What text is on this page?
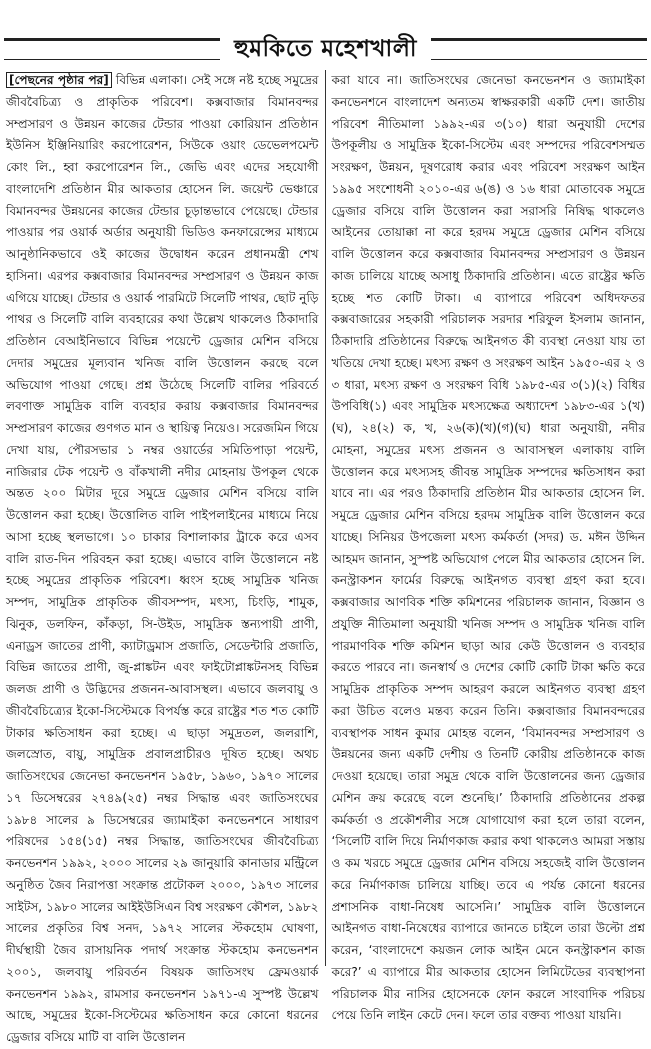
হুমকিতে মহেশখালী
[পেছনের পৃষ্ঠার পর] বিভিন্ন এলাকা। সেই সঙ্গে নষ্ট হচ্ছে সমুদ্রের জীববৈচিত্র্য ও প্রাকৃতিক পরিবেশ। কক্সবাজার বিমানবন্দর সম্প্রসারণ ও উন্নয়ন কাজের টেন্ডার পাওয়া কোরিয়ান প্রতিষ্ঠান ইউনিস ইঞ্জিনিয়ারিং করপোরেশন, সিউকে ওয়াং ডেভেলপমেন্ট কোং লি., হ্বা করপোরেশন লি., জেভি এবং এদের সহযোগী বাংলাদেশি প্রতিষ্ঠান মীর আকতার হোসেন লি. জয়েন্ট ভেঞ্চারে বিমানবন্দর উন্নয়নের কাজের টেন্ডার চূড়ান্তভাবে পেয়েছে। টেন্ডার পাওয়ার পর ওয়ার্ক অর্ডার অনুযায়ী ভিডিও কনফারেন্সের মাধ্যমে আনুষ্ঠানিকভাবে ওই কাজের উদ্বোধন করেন প্রধানমন্ত্রী শেখ হাসিনা। এরপর কক্সবাজার বিমানবন্দর সম্প্রসারণ ও উন্নয়ন কাজ এগিয়ে যাচ্ছে। টেন্ডার ও ওয়ার্ক পারমিটে সিলেটি পাথর, ছোট নুড়ি পাথর ও সিলেটি বালি ব্যবহারের কথা উল্লেখ থাকলেও ঠিকাদারি প্রতিষ্ঠান বেআইনিভাবে বিভিন্ন পয়েন্টে ড্রেজার মেশিন বসিয়ে দেদার সমুদ্রের মূল্যবান খনিজ বালি উত্তোলন করছে বলে অভিযোগ পাওয়া গেছে। প্রশ্ন উঠেছে সিলেটি বালির পরিবর্তে লবণাক্ত সামুদ্রিক বালি ব্যবহার করায় কক্সবাজার বিমানবন্দর সম্প্রসারণ কাজের গুণগত মান ও স্থায়িত্ব নিয়েও। সরেজমিন গিয়ে দেখা যায়, পৌরসভার ১ নম্বর ওয়ার্ডের সমিতিপাড়া পয়েন্ট, নাজিরার টেক পয়েন্ট ও বাঁকখালী নদীর মোহনায় উপকূল থেকে অন্তত ২০০ মিটার দূরে সমুদ্রে ড্রেজার মেশিন বসিয়ে বালি উত্তোলন করা হচ্ছে। উত্তোলিত বালি পাইপলাইনের মাধ্যমে নিয়ে আসা হচ্ছে স্থলভাগে। ১০ চাকার বিশালাকার ট্রাকে করে এসব বালি রাত-দিন পরিবহন করা হচ্ছে। এভাবে বালি উত্তোলনে নষ্ট হচ্ছে সমুদ্রের প্রাকৃতিক পরিবেশ। ধ্বংস হচ্ছে সামুদ্রিক খনিজ সম্পদ, সামুদ্রিক প্রাকৃতিক জীবসম্পদ, মৎস্য, চিংড়ি, শামুক, ঝিনুক, ডলফিন, কাঁকড়া, সি-উইড, সামুদ্রিক স্তন্যপায়ী প্রাণী, এনাড্রস জাতের প্রাণী, ক্যাটাড্রমাস প্রজাতি, সেডেন্টারি প্রজাতি, বিভিন্ন জাতের প্রাণী, জু-প্লাঙ্কটন এবং ফাইটোপ্লাঙ্কটনসহ বিভিন্ন জলজ প্রাণী ও উদ্ভিদের প্রজনন-আবাসস্থল। এভাবে জলবায়ু ও জীববৈচিত্র্যের ইকো-সিস্টেমকে বিপর্যস্ত করে রাষ্ট্রের শত শত কোটি টাকার ক্ষতিসাধন করা হচ্ছে। এ ছাড়া সমুদ্রতল, জলরাশি, জলস্রোত, বায়ু, সামুদ্রিক প্রবালপ্রাচীরও দূষিত হচ্ছে। অথচ জাতিসংঘের জেনেভা কনভেনশন ১৯৫৮, ১৯৬০, ১৯৭০ সালের ১৭ ডিসেম্বরের ২৭৪৯(২৫) নম্বর সিদ্ধান্ত এবং জাতিসংঘের ১৯৮৪ সালের ৯ ডিসেম্বরের জ্যামাইকা কনভেনশনে সাধারণ পরিষদের ১৫৪(১৫) নম্বর সিদ্ধান্ত, জাতিসংঘের জীববৈচিত্র্য কনভেনশন ১৯৯২, ২০০০ সালের ২৯ জানুয়ারি কানাডার মন্ট্রিলে অনুষ্ঠিত জৈব নিরাপত্তা সংক্রান্ত প্রটোকল ২০০০, ১৯৭৩ সালের সাইটস, ১৯৮০ সালের আইইউসিএন বিশ্ব সংরক্ষণ কৌশল, ১৯৮২ সালের প্রকৃতির বিশ্ব সনদ, ১৯৭২ সালের স্টকহোম ঘোষণা, দীর্ঘস্থায়ী জৈব রাসায়নিক পদার্থ সংক্রান্ত স্টকহোম কনভেনশন ২০০১, জলবায়ু পরিবর্তন বিষয়ক জাতিসংঘ ফ্রেমওয়ার্ক কনভেনশন ১৯৯২, রামসার কনভেনশন ১৯৭১-এ সুস্পষ্ট উল্লেখ আছে, সমুদ্রের ইকো-সিস্টেমের ক্ষতিসাধন করে কোনো ধরনের ড্রেজার বসিয়ে মাটি বা বালি উত্তোলন
করা যাবে না। জাতিসংঘের জেনেভা কনভেনশন ও জ্যামাইকা কনভেনশনে বাংলাদেশ অন্যতম স্বাক্ষরকারী একটি দেশ। জাতীয় পরিবেশ নীতিমালা ১৯৯২-এর ৩(১০) ধারা অনুযায়ী দেশের উপকূলীয় ও সামুদ্রিক ইকো-সিস্টেম এবং সম্পদের পরিবেশসম্মত সংরক্ষণ, উন্নয়ন, দূষণরোধ করার এবং পরিবেশ সংরক্ষণ আইন ১৯৯৫ সংশোধনী ২০১০-এর ৬(ঙ) ও ১৬ ধারা মোতাবেক সমুদ্রে ড্রেজার বসিয়ে বালি উত্তোলন করা সরাসরি নিষিদ্ধ থাকলেও আইনের তোয়াক্কা না করে হরদম সমুদ্রে ড্রেজার মেশিন বসিয়ে বালি উত্তোলন করে কক্সবাজার বিমানবন্দর সম্প্রসারণ ও উন্নয়ন কাজ চালিয়ে যাচ্ছে অসাধু ঠিকাদারি প্রতিষ্ঠান। এতে রাষ্ট্রের ক্ষতি হচ্ছে শত কোটি টাকা। এ ব্যাপারে পরিবেশ অধিদফতর কক্সবাজারের সহকারী পরিচালক সরদার শরিফুল ইসলাম জানান, ঠিকাদারি প্রতিষ্ঠানের বিরুদ্ধে আইনগত কী ব্যবস্থা নেওয়া যায় তা খতিয়ে দেখা হচ্ছে। মৎস্য রক্ষণ ও সংরক্ষণ আইন ১৯৫০-এর ২ ও ৩ ধারা, মৎস্য রক্ষণ ও সংরক্ষণ বিধি ১৯৮৫-এর ৩(১)(২) বিধির উপবিধি(১) এবং সামুদ্রিক মৎস্যক্ষেত্র অধ্যাদেশ ১৯৮৩-এর ১(খ)(ঘ), ২৪(২) ক, খ, ২৬(ক)(খ)(গ)(ঘ) ধারা অনুযায়ী, নদীর মোহনা, সমুদ্রের মৎস্য প্রজনন ও আবাসস্থল এলাকায় বালি উত্তোলন করে মৎস্যসহ জীবন্ত সামুদ্রিক সম্পদের ক্ষতিসাধন করা যাবে না। এর পরও ঠিকাদারি প্রতিষ্ঠান মীর আকতার হোসেন লি. সমুদ্রে ড্রেজার মেশিন বসিয়ে হরদম সামুদ্রিক বালি উত্তোলন করে যাচ্ছে। সিনিয়র উপজেলা মৎস্য কর্মকর্তা (সদর) ড. মঈন উদ্দিন আহমদ জানান, সুস্পষ্ট অভিযোগ পেলে মীর আকতার হোসেন লি. কনস্ট্রাকশন ফার্মের বিরুদ্ধে আইনগত ব্যবস্থা গ্রহণ করা হবে। কক্সবাজার আণবিক শক্তি কমিশনের পরিচালক জানান, বিজ্ঞান ও প্রযুক্তি নীতিমালা অনুযায়ী খনিজ সম্পদ ও সামুদ্রিক খনিজ বালি পারমাণবিক শক্তি কমিশন ছাড়া আর কেউ উত্তোলন ও ব্যবহার করতে পারবে না। জনস্বার্থ ও দেশের কোটি কোটি টাকা ক্ষতি করে সামুদ্রিক প্রাকৃতিক সম্পদ আহরণ করলে আইনগত ব্যবস্থা গ্রহণ করা উচিত বলেও মন্তব্য করেন তিনি। কক্সবাজার বিমানবন্দরের ব্যবস্থাপক সাধন কুমার মোহন্ত বলেন, ‘বিমানবন্দর সম্প্রসারণ ও উন্নয়নের জন্য একটি দেশীয় ও তিনটি কোরীয় প্রতিষ্ঠানকে কাজ দেওয়া হয়েছে। তারা সমুদ্র থেকে বালি উত্তোলনের জন্য ড্রেজার মেশিন ক্রয় করেছে বলে শুনেছি।’ ঠিকাদারি প্রতিষ্ঠানের প্রকল্প কর্মকর্তা ও প্রকৌশলীর সঙ্গে যোগাযোগ করা হলে তারা বলেন, ‘সিলেটি বালি দিয়ে নির্মাণকাজ করার কথা থাকলেও আমরা সস্তায় ও কম খরচে সমুদ্রে ড্রেজার মেশিন বসিয়ে সহজেই বালি উত্তোলন করে নির্মাণকাজ চালিয়ে যাচ্ছি। তবে এ পর্যন্ত কোনো ধরনের প্রশাসনিক বাধা-নিষেধ আসেনি।’ সামুদ্রিক বালি উত্তোলনে আইনগত বাধা-নিষেধের ব্যাপারে জানতে চাইলে তারা উল্টো প্রশ্ন করেন, ‘বাংলাদেশে কয়জন লোক আইন মেনে কনস্ট্রাকশন কাজ করে?’ এ ব্যাপারে মীর আকতার হোসেন লিমিটেডের ব্যবস্থাপনা পরিচালক মীর নাসির হোসেনকে ফোন করলে সাংবাদিক পরিচয় পেয়ে তিনি লাইন কেটে দেন। ফলে তার বক্তব্য পাওয়া যায়নি।
